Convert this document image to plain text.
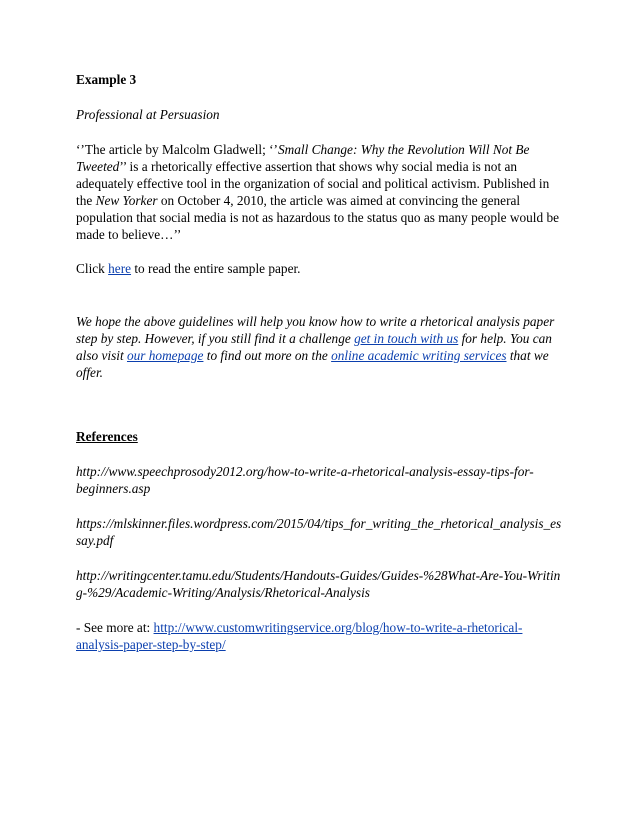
Example 3

Professional at Persuasion

‘’The article by Malcolm Gladwell; ‘’Small Change: Why the Revolution Will Not Be Tweeted’’ is a rhetorically effective assertion that shows why social media is not an adequately effective tool in the organization of social and political activism. Published in the New Yorker on October 4, 2010, the article was aimed at convincing the general population that social media is not as hazardous to the status quo as many people would be made to believe…’’

Click here to read the entire sample paper.

We hope the above guidelines will help you know how to write a rhetorical analysis paper step by step. However, if you still find it a challenge get in touch with us for help. You can also visit our homepage to find out more on the online academic writing services that we offer.

References

http://www.speechprosody2012.org/how-to-write-a-rhetorical-analysis-essay-tips-for-beginners.asp

https://mlskinner.files.wordpress.com/2015/04/tips_for_writing_the_rhetorical_analysis_essay.pdf

http://writingcenter.tamu.edu/Students/Handouts-Guides/Guides-%28What-Are-You-Writing-%29/Academic-Writing/Analysis/Rhetorical-Analysis

- See more at: http://www.customwritingservice.org/blog/how-to-write-a-rhetorical-analysis-paper-step-by-step/
